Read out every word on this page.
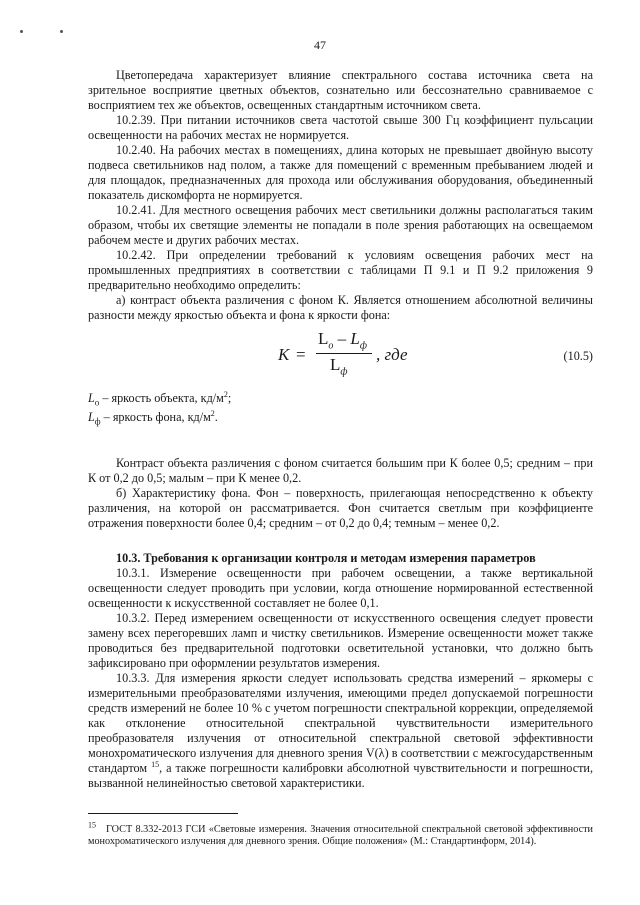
47

Цветопередача характеризует влияние спектрального состава источника света на зрительное восприятие цветных объектов, сознательно или бессознательно сравниваемое с восприятием тех же объектов, освещенных стандартным источником света.

10.2.39. При питании источников света частотой свыше 300 Гц коэффициент пульсации освещенности на рабочих местах не нормируется.

10.2.40. На рабочих местах в помещениях, длина которых не превышает двойную высоту подвеса светильников над полом, а также для помещений с временным пребыванием людей и для площадок, предназначенных для прохода или обслуживания оборудования, объединенный показатель дискомфорта не нормируется.

10.2.41. Для местного освещения рабочих мест светильники должны располагаться таким образом, чтобы их светящие элементы не попадали в поле зрения работающих на освещаемом рабочем месте и других рабочих местах.

10.2.42. При определении требований к условиям освещения рабочих мест на промышленных предприятиях в соответствии с таблицами П 9.1 и П 9.2 приложения 9 предварительно необходимо определить:

а) контраст объекта различения с фоном К. Является отношением абсолютной величины разности между яркостью объекта и фона к яркости фона:

К =
$L_о - L_ф$
$L_ф$
, где	(10.5)

$L_о$ – яркость объекта, $кд/м^2$;

$L_ф$ – яркость фона, $кд/м^2$.

Контраст объекта различения с фоном считается большим при К более 0,5; средним – при К от 0,2 до 0,5; малым – при К менее 0,2.

б) Характеристику фона. Фон – поверхность, прилегающая непосредственно к объекту различения, на которой он рассматривается. Фон считается светлым при коэффициенте отражения поверхности более 0,4; средним – от 0,2 до 0,4; темным – менее 0,2.

10.3. Требования к организации контроля и методам измерения параметров

10.3.1. Измерение освещенности при рабочем освещении, а также вертикальной освещенности следует проводить при условии, когда отношение нормированной естественной освещенности к искусственной составляет не более 0,1.

10.3.2. Перед измерением освещенности от искусственного освещения следует провести замену всех перегоревших ламп и чистку светильников. Измерение освещенности может также проводиться без предварительной подготовки осветительной установки, что должно быть зафиксировано при оформлении результатов измерения.

10.3.3. Для измерения яркости следует использовать средства измерений – яркомеры с измерительными преобразователями излучения, имеющими предел допускаемой погрешности средств измерений не более 10 % с учетом погрешности спектральной коррекции, определяемой как отклонение относительной спектральной чувствительности измерительного преобразователя излучения от относительной спектральной световой эффективности монохроматического излучения для дневного зрения V(λ) в соответствии с межгосударственным стандартом $^{15}$, а также погрешности калибровки абсолютной чувствительности и погрешности, вызванной нелинейностью световой характеристики.

$^{15}$ ГОСТ 8.332-2013 ГСИ «Световые измерения. Значения относительной спектральной световой эффективности монохроматического излучения для дневного зрения. Общие положения» (М.: Стандартинформ, 2014).
